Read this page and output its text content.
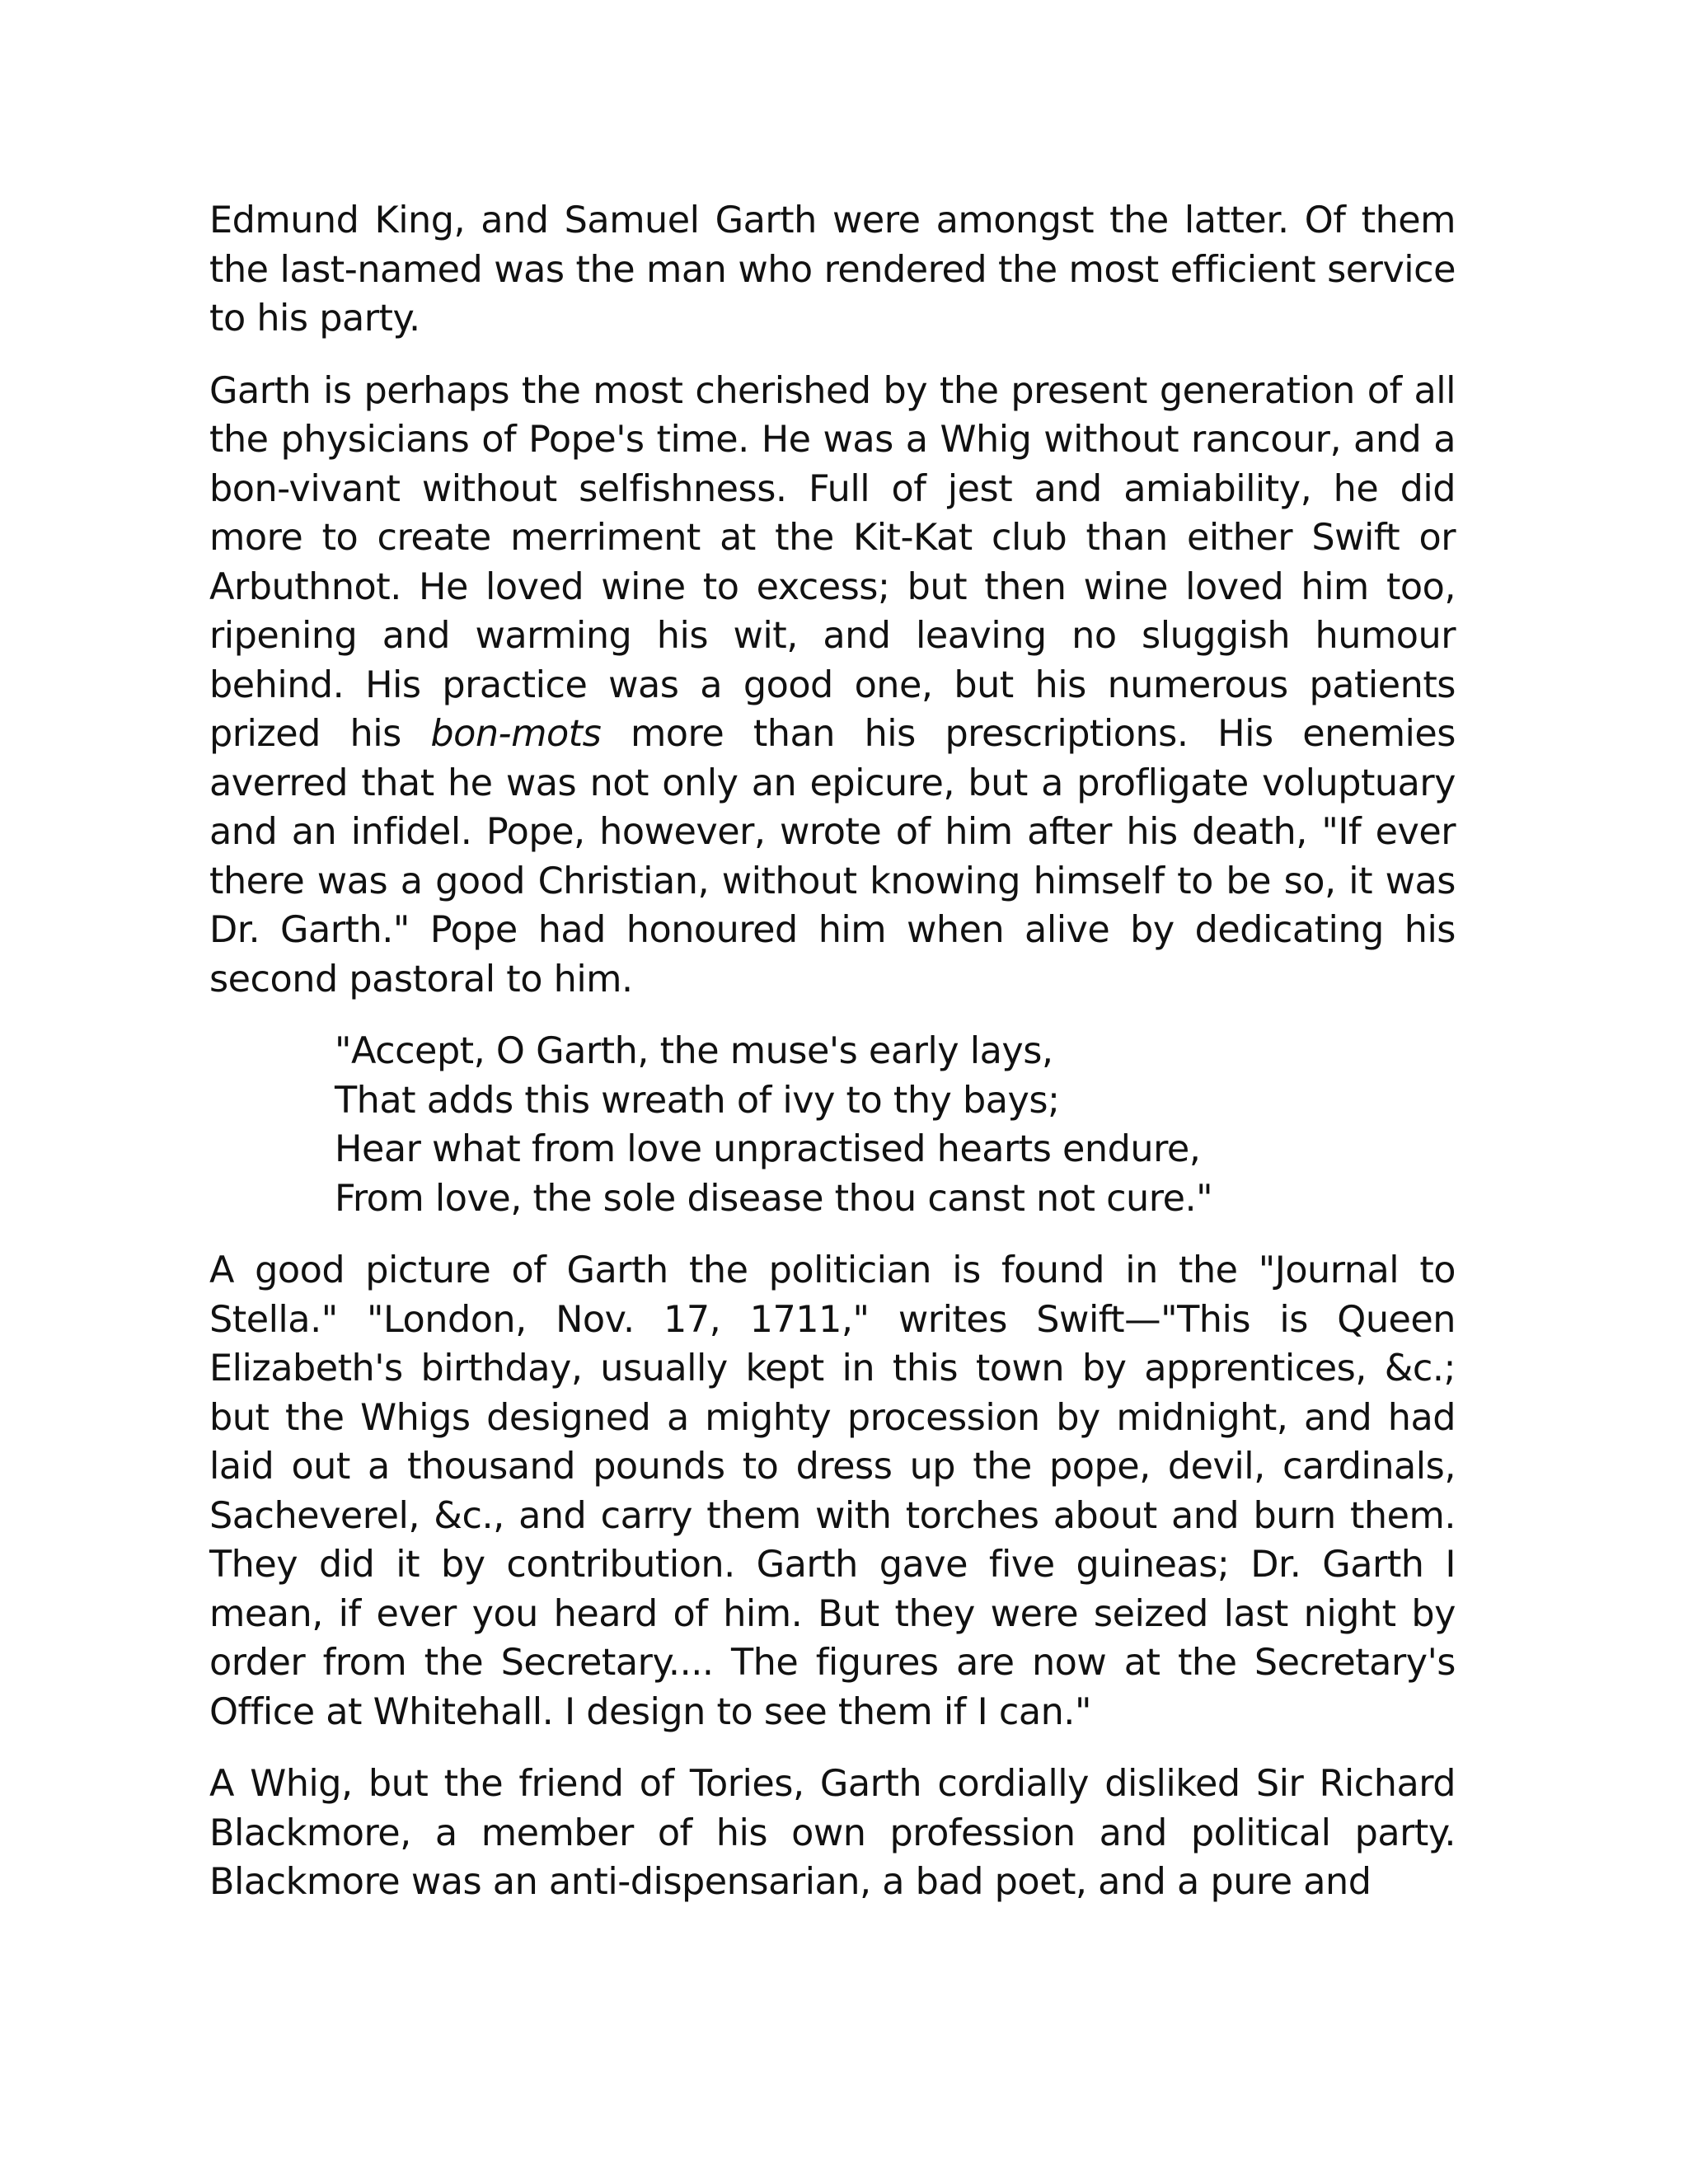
Edmund King, and Samuel Garth were amongst the latter. Of them the last-named was the man who rendered the most efficient service to his party.

Garth is perhaps the most cherished by the present generation of all the physicians of Pope's time. He was a Whig without rancour, and a bon-vivant without selfishness. Full of jest and amiability, he did more to create merriment at the Kit-Kat club than either Swift or Arbuthnot. He loved wine to excess; but then wine loved him too, ripening and warming his wit, and leaving no sluggish humour behind. His practice was a good one, but his numerous patients prized his bon-mots more than his prescriptions. His enemies averred that he was not only an epicure, but a profligate voluptuary and an infidel. Pope, however, wrote of him after his death, "If ever there was a good Christian, without knowing himself to be so, it was Dr. Garth." Pope had honoured him when alive by dedicating his second pastoral to him.

"Accept, O Garth, the muse's early lays,
That adds this wreath of ivy to thy bays;
Hear what from love unpractised hearts endure,
From love, the sole disease thou canst not cure."

A good picture of Garth the politician is found in the "Journal to Stella." "London, Nov. 17, 1711," writes Swift—"This is Queen Elizabeth's birthday, usually kept in this town by apprentices, &c.; but the Whigs designed a mighty procession by midnight, and had laid out a thousand pounds to dress up the pope, devil, cardinals, Sacheverel, &c., and carry them with torches about and burn them. They did it by contribution. Garth gave five guineas; Dr. Garth I mean, if ever you heard of him. But they were seized last night by order from the Secretary.... The figures are now at the Secretary's Office at Whitehall. I design to see them if I can."

A Whig, but the friend of Tories, Garth cordially disliked Sir Richard Blackmore, a member of his own profession and political party. Blackmore was an anti-dispensarian, a bad poet, and a pure and
